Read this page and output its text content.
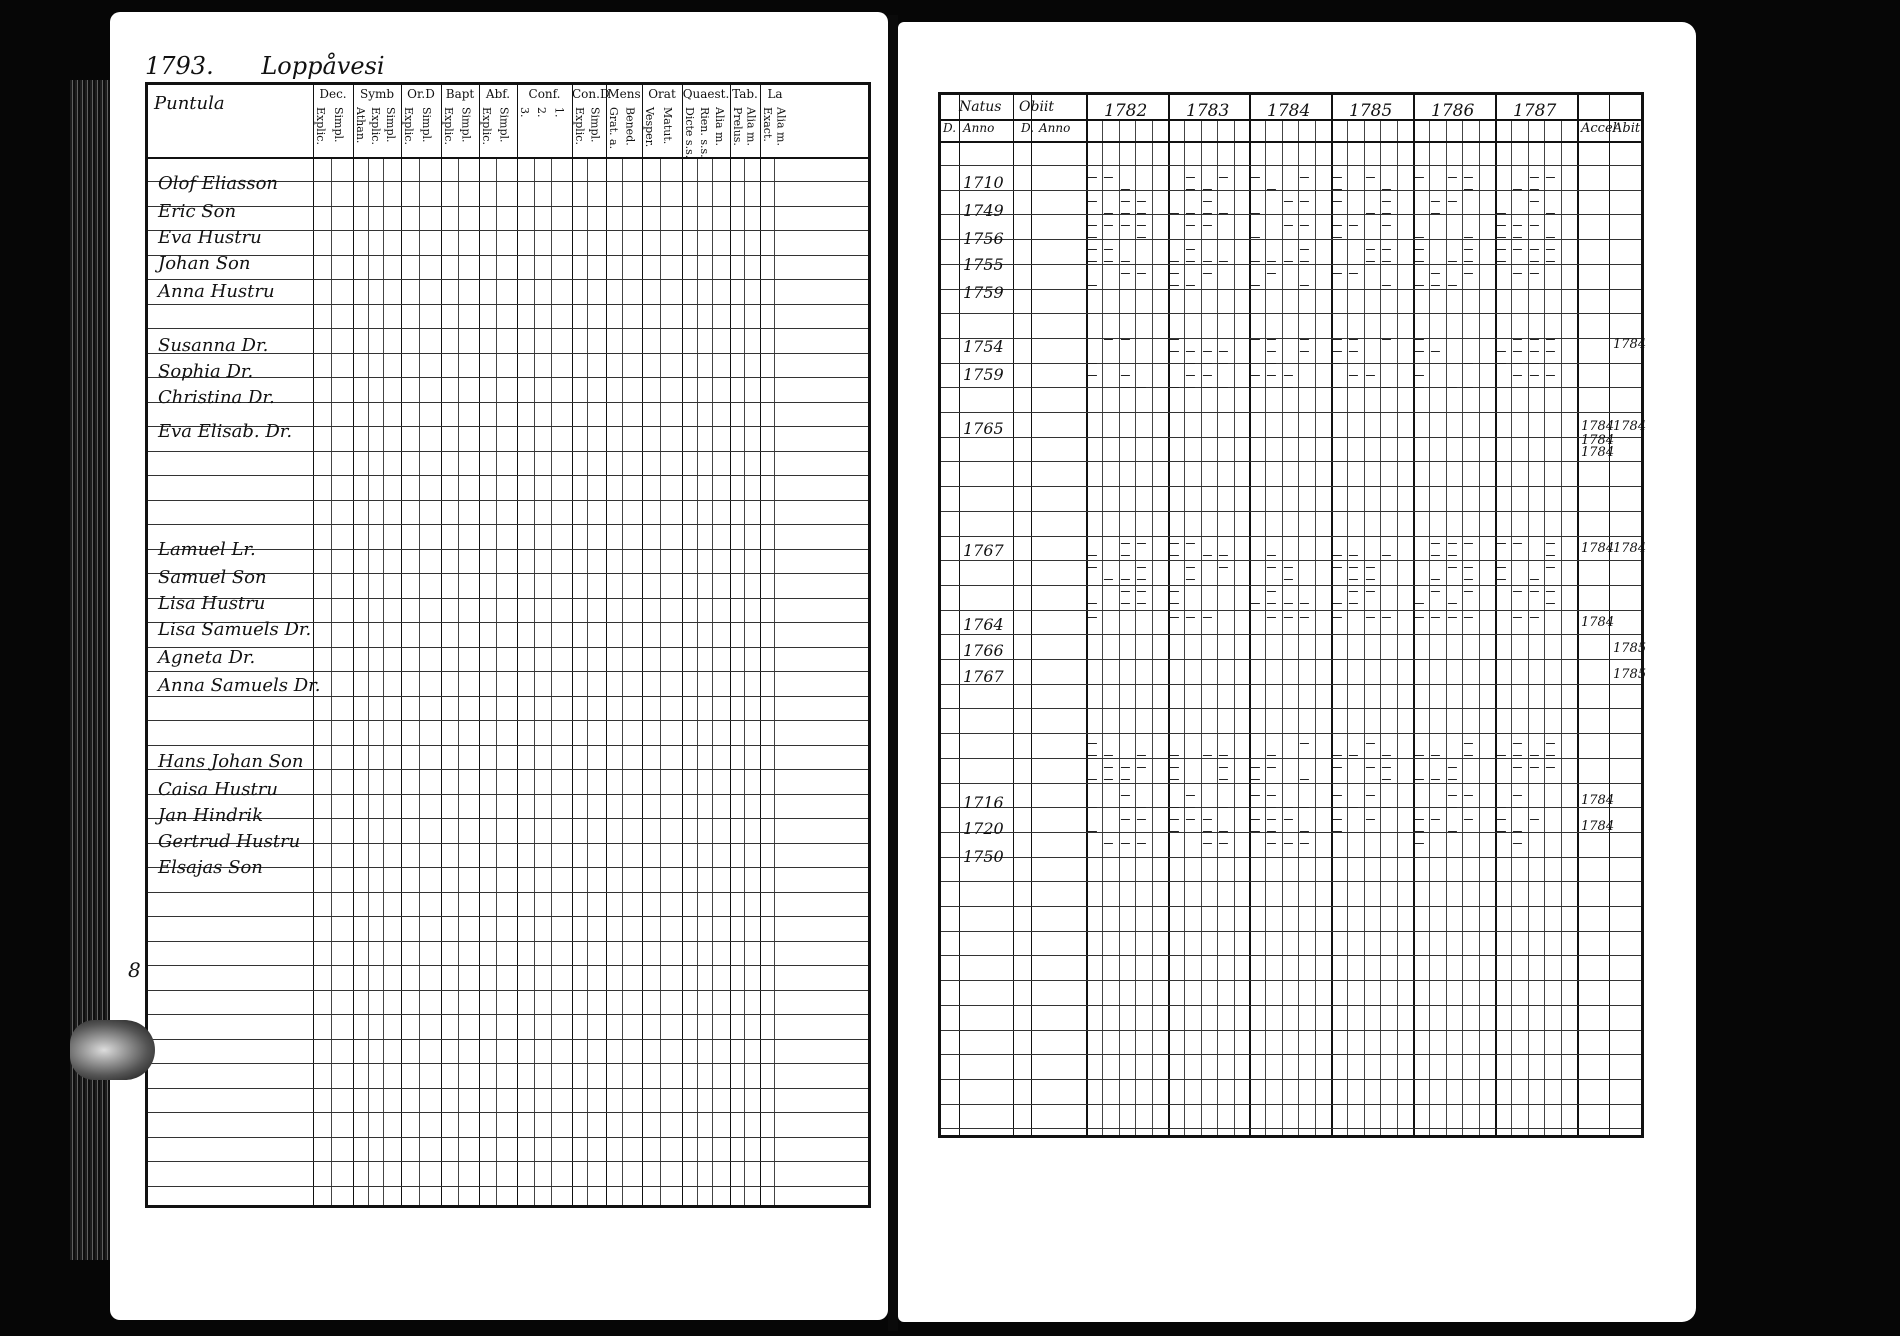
1793. Loppåvesi
Puntula	Dec.
Explic. Simpl.
Symb
Athan. Explic. Simpl.
Or.D
Explic. Simpl.
Bapt
Explic. Simpl.
Abf.
Explic. Simpl.
Conf.
3. 2. 1.
Con.D
Explic. Simpl.
Mens
Grat. a. Bened.
Orat
Vesper. Matut.
Quaest.
Dicte s.s. Rien. s.s. Alia m.
Tab.
Prelus. Alia m.
La
Exact. Alia m.
Olof Eliasson
Eric Son
Eva Hustru
Johan Son
Anna Hustru
Susanna Dr.
Sophia Dr.
Christina Dr.
Eva Elisab. Dr.
Lamuel Lr.
Samuel Son
Lisa Hustru
Lisa Samuels Dr.
Agneta Dr.
Anna Samuels Dr.
Hans Johan Son
Caisa Hustru
Jan Hindrik
Gertrud Hustru
Elsajas Son
Natus Obiit
D. Anno D. Anno	Accel
Abit.
1782 1783 1784 1785 1786 1787
1710
1749
1756
1755
1759
1754
1759
1765
1767
1764
1766
1767
1716
1720
1750
1784
1784
1784
1784
1784
1784
1784
1784
1784
1784
1785
1785
8
